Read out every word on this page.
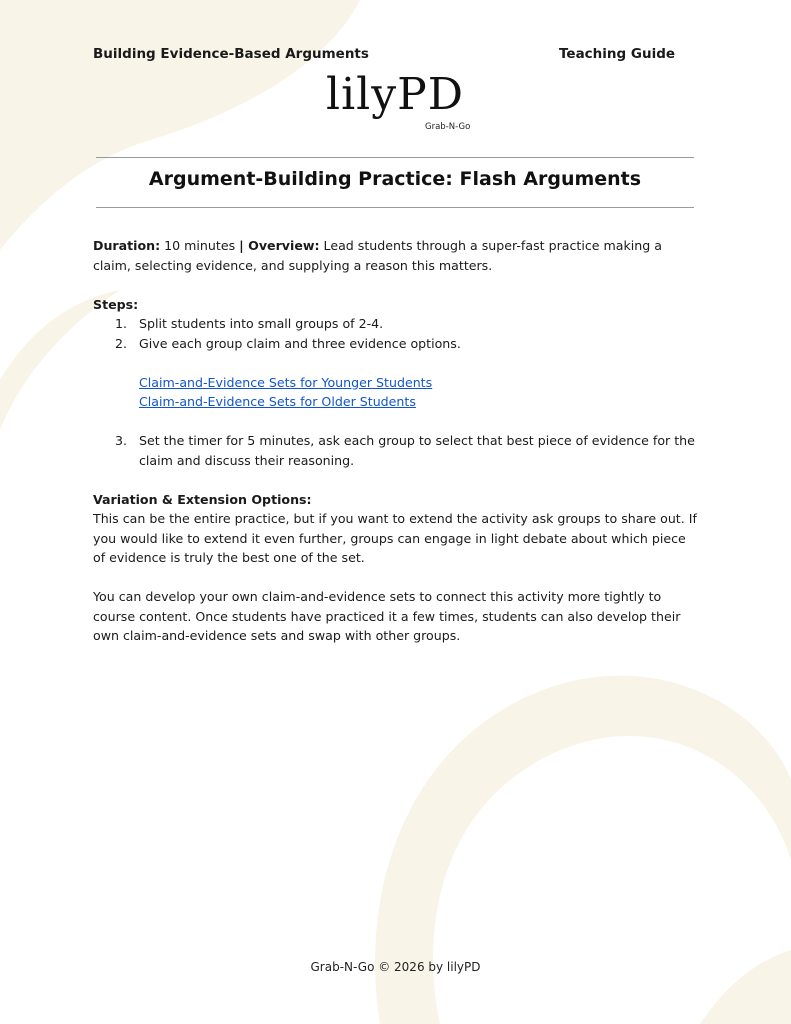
Building Evidence-Based Arguments	Teaching Guide
lilyPD
Grab-N-Go
Argument-Building Practice: Flash Arguments

Duration: 10 minutes | Overview: Lead students through a super-fast practice making a claim, selecting evidence, and supplying a reason this matters.

Steps:

1. Split students into small groups of 2-4.
2. Give each group claim and three evidence options.
Claim-and-Evidence Sets for Younger Students
Claim-and-Evidence Sets for Older Students
3. Set the timer for 5 minutes, ask each group to select that best piece of evidence for the claim and discuss their reasoning.

Variation & Extension Options:

This can be the entire practice, but if you want to extend the activity ask groups to share out. If you would like to extend it even further, groups can engage in light debate about which piece of evidence is truly the best one of the set.

You can develop your own claim-and-evidence sets to connect this activity more tightly to course content. Once students have practiced it a few times, students can also develop their own claim-and-evidence sets and swap with other groups.

Grab-N-Go © 2026 by lilyPD
